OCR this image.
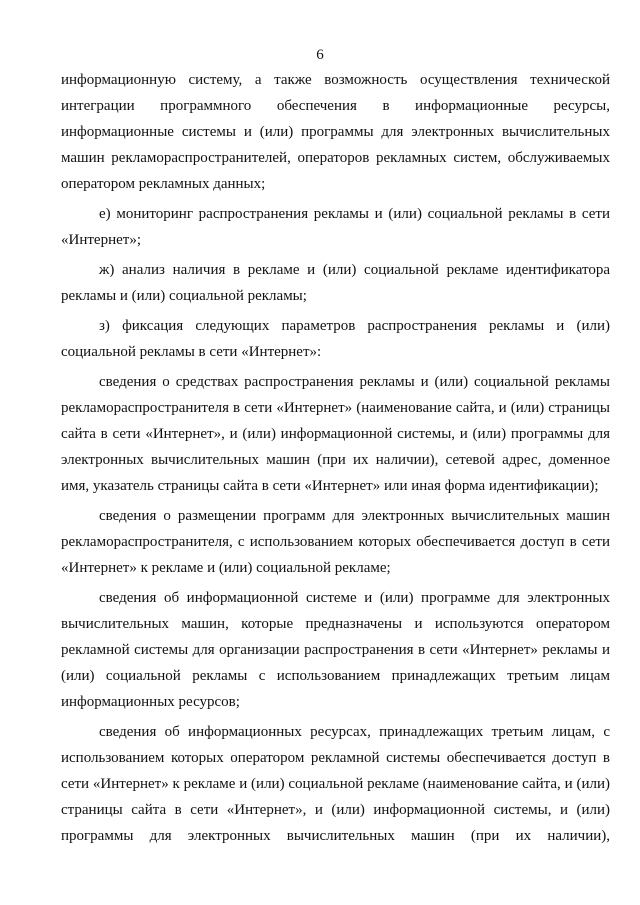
6

информационную систему, а также возможность осуществления технической интеграции программного обеспечения в информационные ресурсы, информационные системы и (или) программы для электронных вычислительных машин рекламораспространителей, операторов рекламных систем, обслуживаемых оператором рекламных данных;

е) мониторинг распространения рекламы и (или) социальной рекламы в сети «Интернет»;

ж) анализ наличия в рекламе и (или) социальной рекламе идентификатора рекламы и (или) социальной рекламы;

з) фиксация следующих параметров распространения рекламы и (или) социальной рекламы в сети «Интернет»:

сведения о средствах распространения рекламы и (или) социальной рекламы рекламораспространителя в сети «Интернет» (наименование сайта, и (или) страницы сайта в сети «Интернет», и (или) информационной системы, и (или) программы для электронных вычислительных машин (при их наличии), сетевой адрес, доменное имя, указатель страницы сайта в сети «Интернет» или иная форма идентификации);

сведения о размещении программ для электронных вычислительных машин рекламораспространителя, с использованием которых обеспечивается доступ в сети «Интернет» к рекламе и (или) социальной рекламе;

сведения об информационной системе и (или) программе для электронных вычислительных машин, которые предназначены и используются оператором рекламной системы для организации распространения в сети «Интернет» рекламы и (или) социальной рекламы с использованием принадлежащих третьим лицам информационных ресурсов;

сведения об информационных ресурсах, принадлежащих третьим лицам, с использованием которых оператором рекламной системы обеспечивается доступ в сети «Интернет» к рекламе и (или) социальной рекламе (наименование сайта, и (или) страницы сайта в сети «Интернет», и (или) информационной системы, и (или) программы для электронных вычислительных машин (при их наличии),
